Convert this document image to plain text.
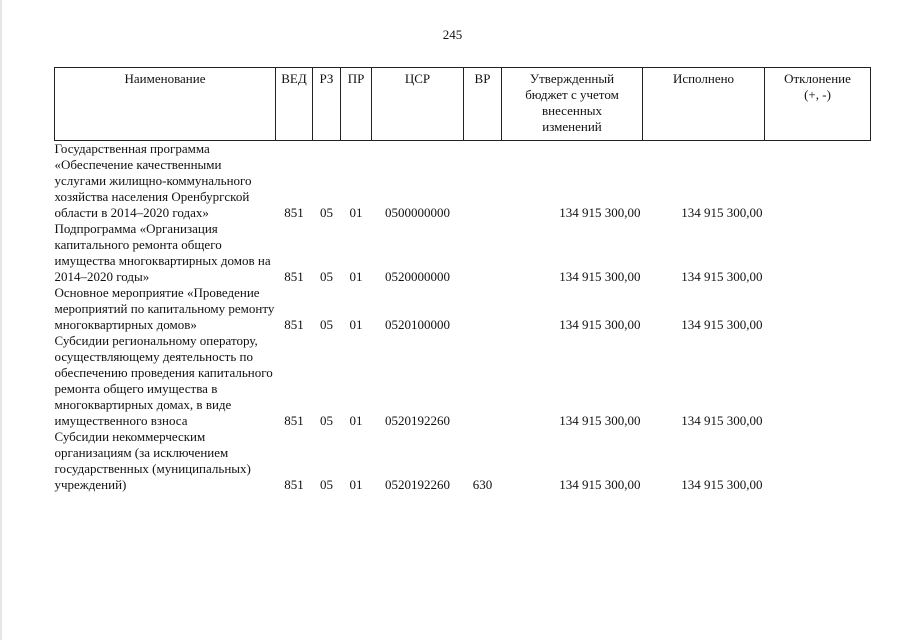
245
Наименование	ВЕД	РЗ	ПР	ЦСР	ВР	Утвержденный бюджет с учетом внесенных изменений	Исполнено	Отклонение (+, -)
Государственная программа «Обеспечение качественными услугами жилищно-коммунального хозяйства населения Оренбургской области в 2014–2020 годах»	851	05	01	0500000000		134 915 300,00	134 915 300,00	
Подпрограмма «Организация капитального ремонта общего имущества многоквартирных домов на 2014–2020 годы»	851	05	01	0520000000		134 915 300,00	134 915 300,00	
Основное мероприятие «Проведение мероприятий по капитальному ремонту многоквартирных домов»	851	05	01	0520100000		134 915 300,00	134 915 300,00	
Субсидии региональному оператору, осуществляющему деятельность по обеспечению проведения капитального ремонта общего имущества в многоквартирных домах, в виде имущественного взноса	851	05	01	0520192260		134 915 300,00	134 915 300,00	
Субсидии некоммерческим организациям (за исключением государственных (муниципальных) учреждений)	851	05	01	0520192260	630	134 915 300,00	134 915 300,00	
